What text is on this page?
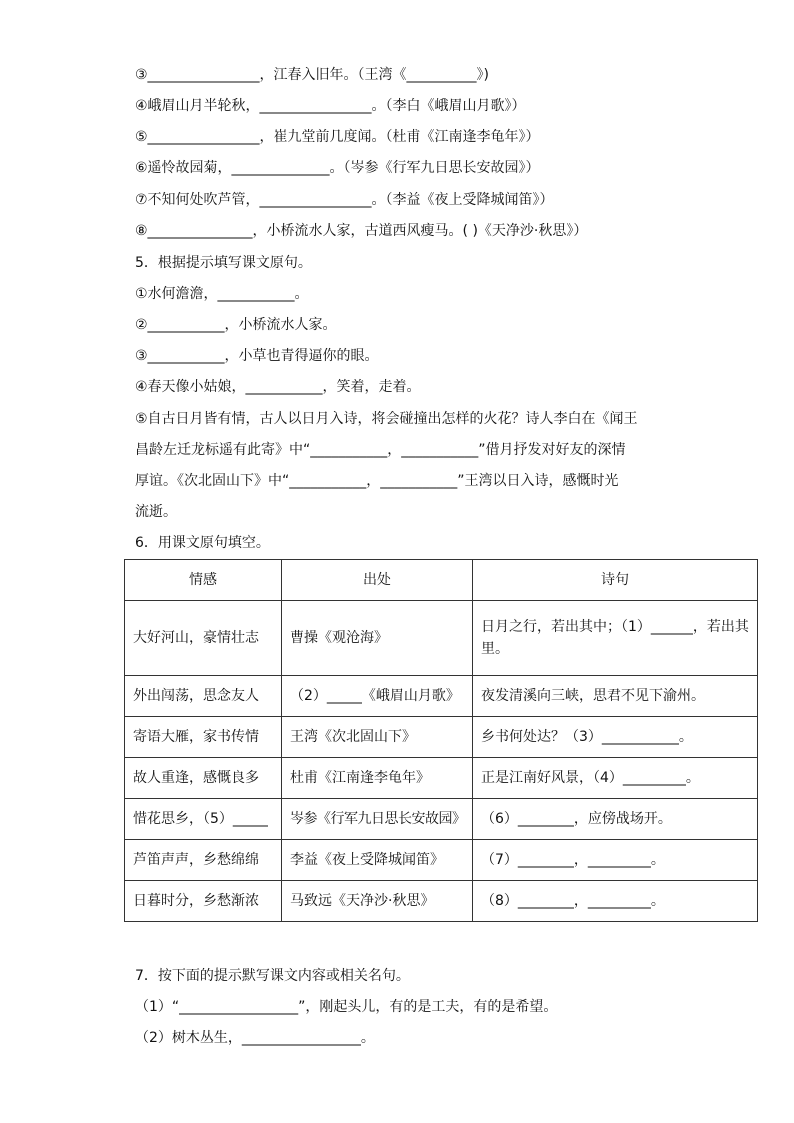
③________________，江春入旧年。（王湾《__________》)
④峨眉山月半轮秋，________________。（李白《峨眉山月歌》）
⑤________________，崔九堂前几度闻。（杜甫《江南逢李龟年》）
⑥遥怜故园菊，______________。（岑参《行军九日思长安故园》）
⑦不知何处吹芦管，________________。（李益《夜上受降城闻笛》）
⑧_______________，小桥流水人家，古道西风瘦马。( )《天净沙·秋思》）
5．根据提示填写课文原句。
①水何澹澹，___________。
②___________，小桥流水人家。
③___________，小草也青得逼你的眼。
④春天像小姑娘，___________，笑着，走着。
⑤自古日月皆有情，古人以日月入诗，将会碰撞出怎样的火花？诗人李白在《闻王
昌龄左迁龙标遥有此寄》中“___________，___________”借月抒发对好友的深情
厚谊。《次北固山下》中“___________，___________”王湾以日入诗，感慨时光
流逝。
6．用课文原句填空。
情感	出处	诗句
大好河山，豪情壮志	曹操《观沧海》	日月之行，若出其中；（1）______，若出其里。
外出闯荡，思念友人	（2）_____《峨眉山月歌》	夜发清溪向三峡，思君不见下渝州。
寄语大雁，家书传情	王湾《次北固山下》	乡书何处达？（3）___________。
故人重逢，感慨良多	杜甫《江南逢李龟年》	正是江南好风景，（4）_________。
惜花思乡，（5）_____	岑参《行军九日思长安故园》	（6）________，应傍战场开。
芦笛声声，乡愁绵绵	李益《夜上受降城闻笛》	（7）________，_________。
日暮时分，乡愁渐浓	马致远《天净沙·秋思》	（8）________，_________。
7．按下面的提示默写课文内容或相关名句。
（1）“_________________”，刚起头儿，有的是工夫，有的是希望。
（2）树木丛生，_________________。
